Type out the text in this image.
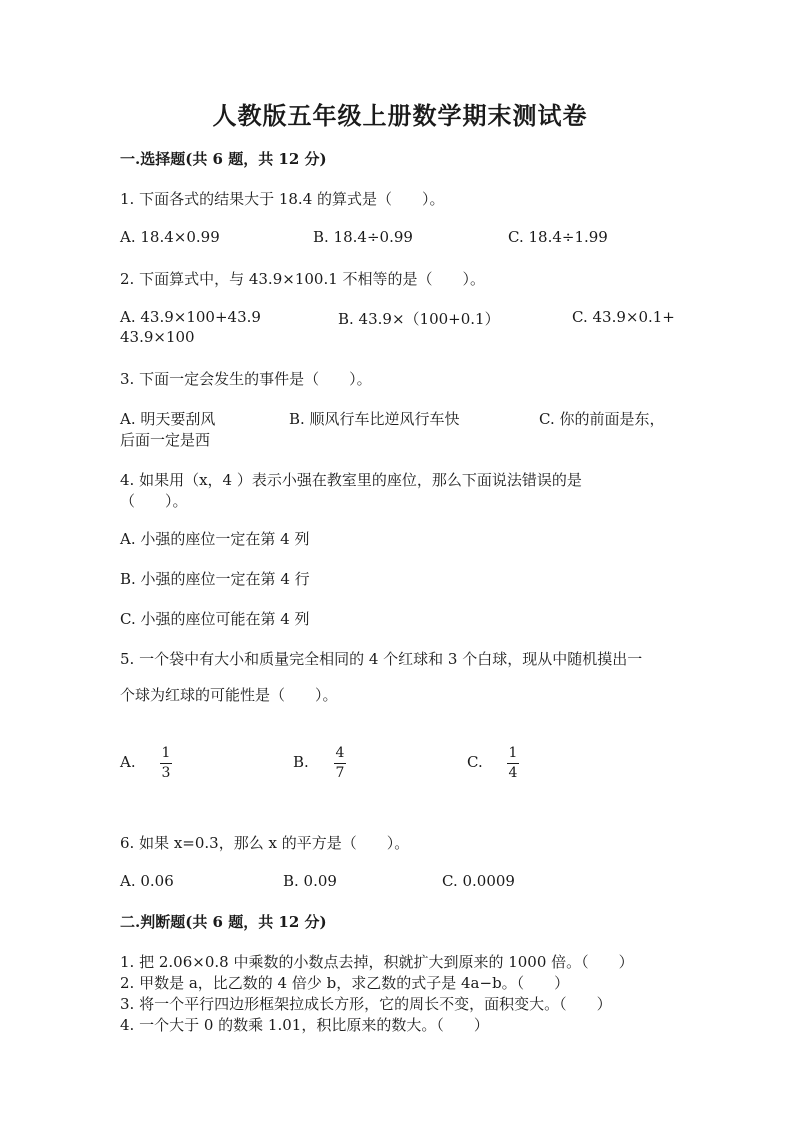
人教版五年级上册数学期末测试卷
一.选择题(共 6 题，共 12 分)
1. 下面各式的结果大于 18.4 的算式是（　　）。
A. 18.4×0.99	B. 18.4÷0.99	C. 18.4÷1.99
2. 下面算式中，与 43.9×100.1 不相等的是（　　）。
A. 43.9×100+43.9	B. 43.9×（100+0.1）	C. 43.9×0.1+
43.9×100
3. 下面一定会发生的事件是（　　）。
A. 明天要刮风	B. 顺风行车比逆风行车快	C. 你的前面是东，
后面一定是西
4. 如果用（x，4 ）表示小强在教室里的座位，那么下面说法错误的是
（　　）。
A. 小强的座位一定在第 4 列
B. 小强的座位一定在第 4 行
C. 小强的座位可能在第 4 列
5. 一个袋中有大小和质量完全相同的 4 个红球和 3 个白球，现从中随机摸出一
个球为红球的可能性是（　　）。
A. 1
3
B. 4
7
C. 1
4
6. 如果 x=0.3，那么 x 的平方是（　　）。
A. 0.06	B. 0.09	C. 0.0009
二.判断题(共 6 题，共 12 分)
1. 把 2.06×0.8 中乘数的小数点去掉，积就扩大到原来的 1000 倍。（　　）
2. 甲数是 a，比乙数的 4 倍少 b，求乙数的式子是 4a−b。（　　）
3. 将一个平行四边形框架拉成长方形，它的周长不变，面积变大。（　　）
4. 一个大于 0 的数乘 1.01，积比原来的数大。（　　）
